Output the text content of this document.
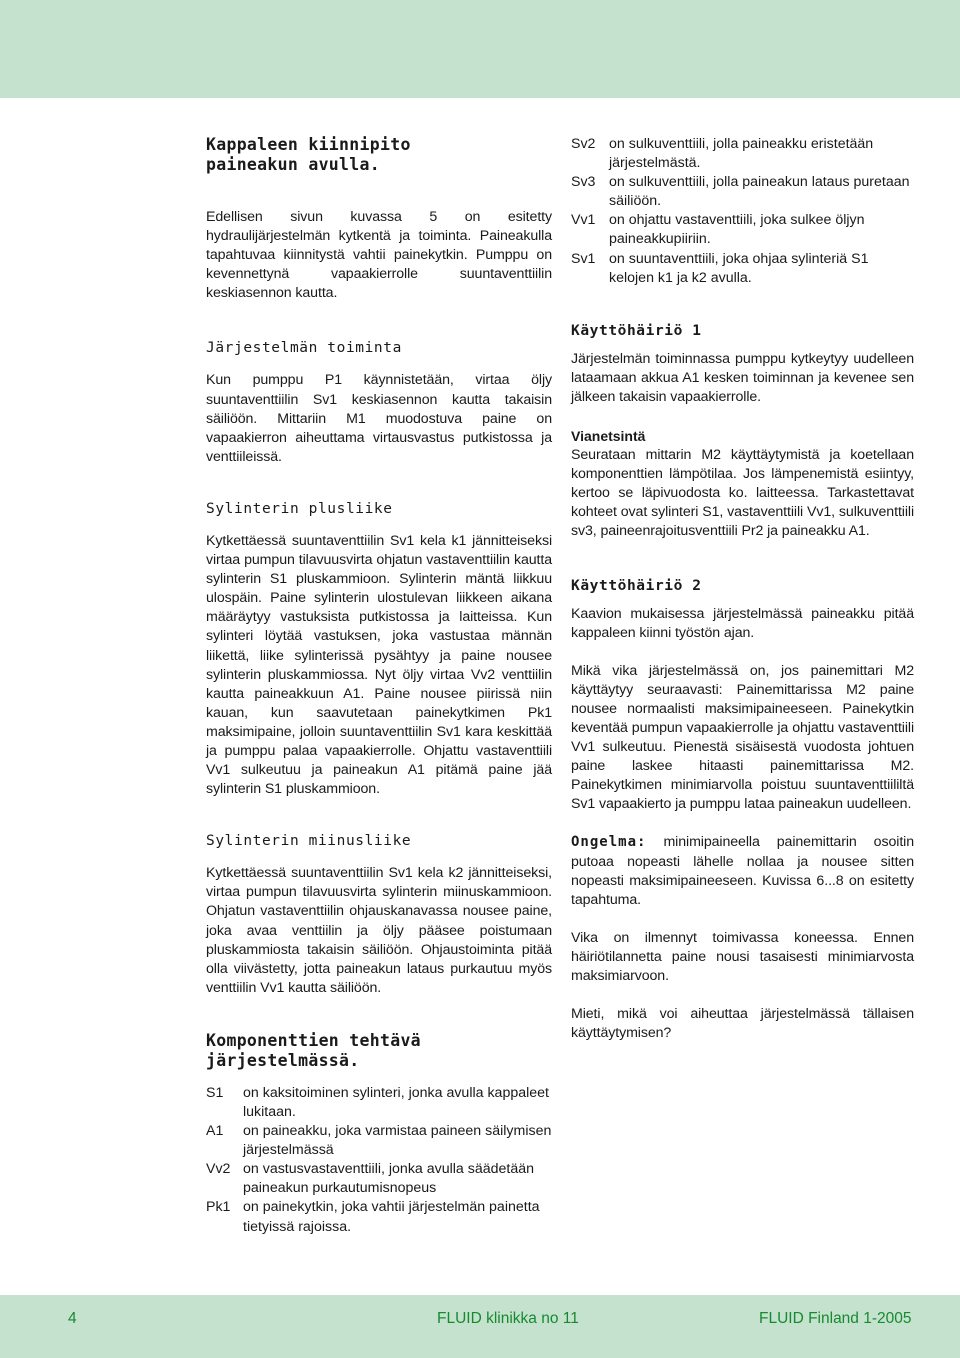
Kappaleen kiinnipito paineakun avulla.

Edellisen sivun kuvassa 5 on esitetty hydraulijärjestelmän kytkentä ja toiminta. Paineakulla tapahtuvaa kiinnitystä vahtii painekytkin. Pumppu on kevennettynä vapaakierrolle suuntaventtiilin keskiasennon kautta.

Järjestelmän toiminta

Kun pumppu P1 käynnistetään, virtaa öljy suuntaventtiilin Sv1 keskiasennon kautta takaisin säiliöön. Mittariin M1 muodostuva paine on vapaakierron aiheuttama virtausvastus putkistossa ja venttiileissä.

Sylinterin plusliike

Kytkettäessä suuntaventtiilin Sv1 kela k1 jännitteiseksi virtaa pumpun tilavuusvirta ohjatun vastaventtiilin kautta sylinterin S1 pluskammioon. Sylinterin mäntä liikkuu ulospäin. Paine sylinterin ulostulevan liikkeen aikana määräytyy vastuksista putkistossa ja laitteissa. Kun sylinteri löytää vastuksen, joka vastustaa männän liikettä, liike sylinterissä pysähtyy ja paine nousee sylinterin pluskammiossa. Nyt öljy virtaa Vv2 venttiilin kautta paineakkuun A1. Paine nousee piirissä niin kauan, kun saavutetaan painekytkimen Pk1 maksimipaine, jolloin suuntaventtiilin Sv1 kara keskittää ja pumppu palaa vapaakierrolle. Ohjattu vastaventtiili Vv1 sulkeutuu ja paineakun A1 pitämä paine jää sylinterin S1 pluskammioon.

Sylinterin miinusliike

Kytkettäessä suuntaventtiilin Sv1 kela k2 jännitteiseksi, virtaa pumpun tilavuusvirta sylinterin miinuskammioon. Ohjatun vastaventtiilin ohjauskanavassa nousee paine, joka avaa venttiilin ja öljy pääsee poistumaan pluskammiosta takaisin säiliöön. Ohjaustoiminta pitää olla viivästetty, jotta paineakun lataus purkautuu myös venttiilin Vv1 kautta säiliöön.

Komponenttien tehtävä järjestelmässä.
S1	on kaksitoiminen sylinteri, jonka avulla kappaleet lukitaan.
A1	on paineakku, joka varmistaa paineen säilymisen järjestelmässä
Vv2 on vastusvastaventtiili, jonka avulla säädetään paineakun purkautumisnopeus
Pk1 on painekytkin, joka vahtii järjestelmän painetta tietyissä rajoissa.
Sv2 on sulkuventtiili, jolla paineakku eristetään järjestelmästä.
Sv3 on sulkuventtiili, jolla paineakun lataus puretaan säiliöön.
Vv1 on ohjattu vastaventtiili, joka sulkee öljyn paineakkupiiriin.
Sv1 on suuntaventtiili, joka ohjaa sylinteriä S1 kelojen k1 ja k2 avulla.
Käyttöhäiriö 1

Järjestelmän toiminnassa pumppu kytkeytyy uudelleen lataamaan akkua A1 kesken toiminnan ja kevenee sen jälkeen takaisin vapaakierrolle.

Vianetsintä

Seurataan mittarin M2 käyttäytymistä ja koetellaan komponenttien lämpötilaa. Jos lämpenemistä esiintyy, kertoo se läpivuodosta ko. laitteessa. Tarkastettavat kohteet ovat sylinteri S1, vastaventtiili Vv1, sulkuventtiili sv3, paineenrajoitusventtiili Pr2 ja paineakku A1.

Käyttöhäiriö 2

Kaavion mukaisessa järjestelmässä paineakku pitää kappaleen kiinni työstön ajan.

Mikä vika järjestelmässä on, jos painemittari M2 käyttäytyy seuraavasti: Painemittarissa M2 paine nousee normaalisti maksimipaineeseen. Painekytkin keventää pumpun vapaakierrolle ja ohjattu vastaventtiili Vv1 sulkeutuu. Pienestä sisäisestä vuodosta johtuen paine laskee hitaasti painemittarissa M2. Painekytkimen minimiarvolla poistuu suuntaventtiililtä Sv1 vapaakierto ja pumppu lataa paineakun uudelleen.

Ongelma: minimipaineella painemittarin osoitin putoaa nopeasti lähelle nollaa ja nousee sitten nopeasti maksimipaineeseen. Kuvissa 6...8 on esitetty tapahtuma.

Vika on ilmennyt toimivassa koneessa. Ennen häiriötilannetta paine nousi tasaisesti minimiarvosta maksimiarvoon.

Mieti, mikä voi aiheuttaa järjestelmässä tällaisen käyttäytymisen?

4	FLUID klinikka no 11	FLUID Finland 1-2005
